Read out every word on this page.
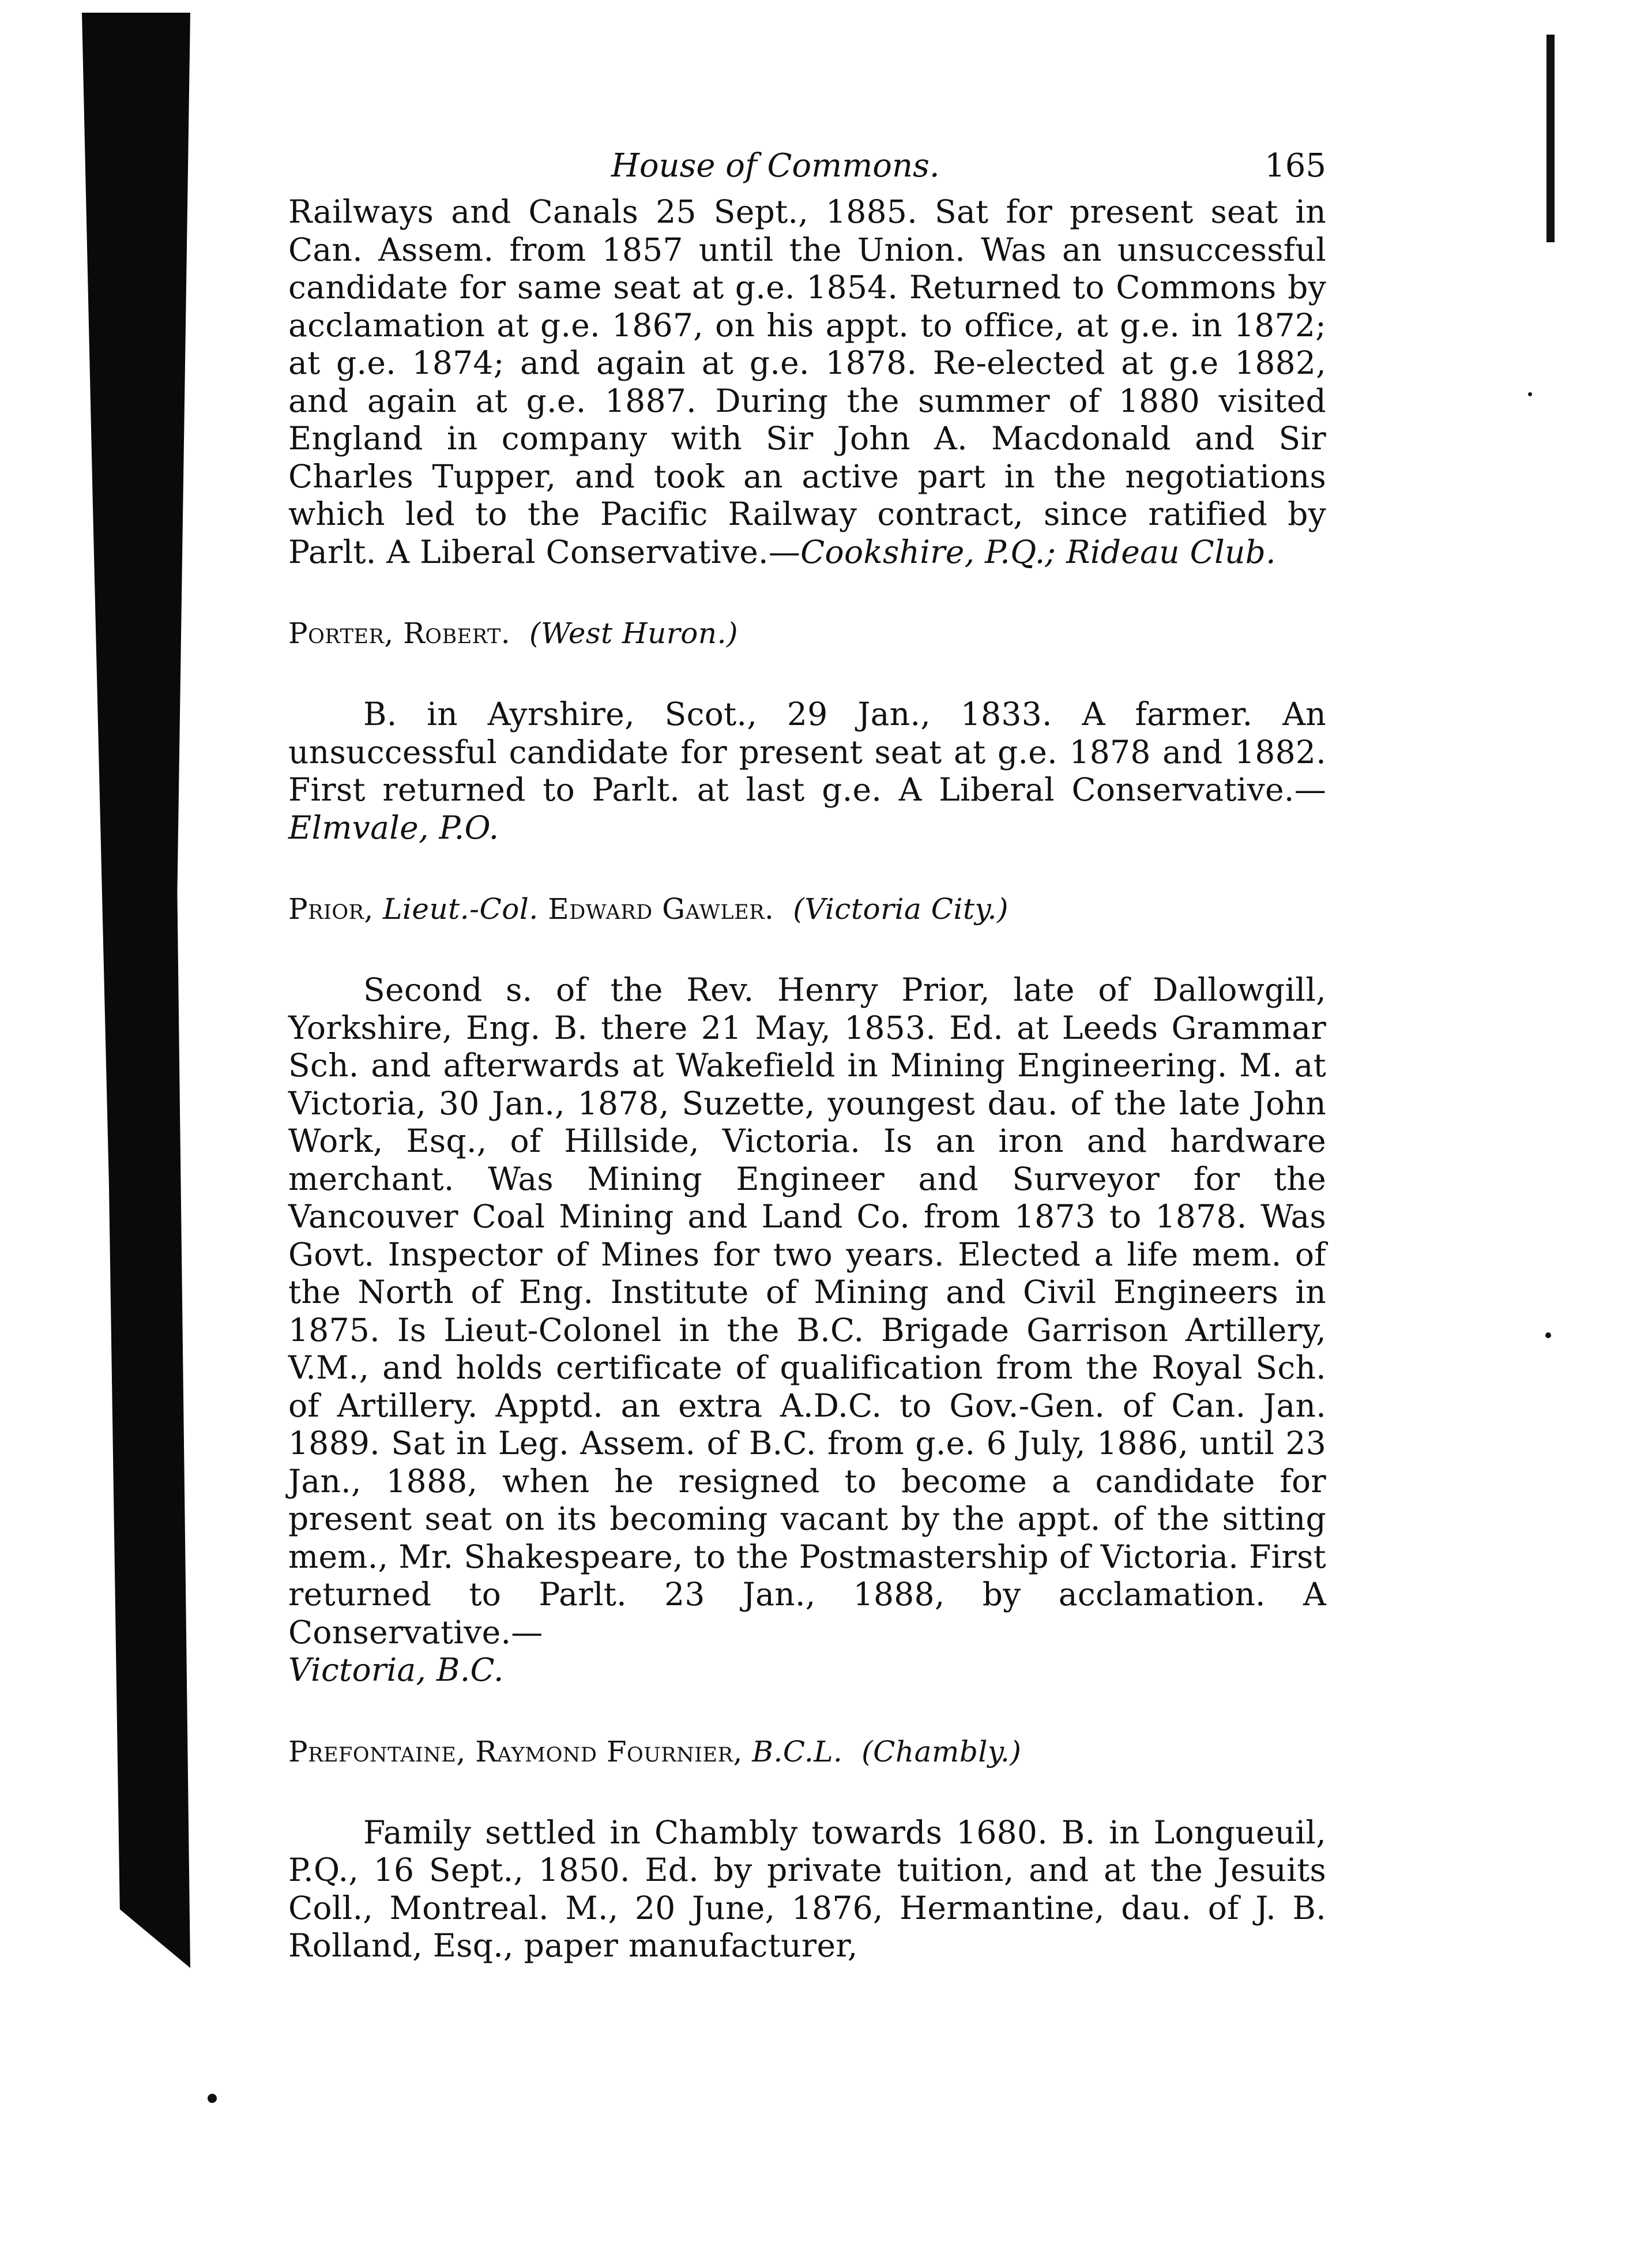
House of Commons.	165

Railways and Canals 25 Sept., 1885. Sat for present seat in Can. Assem. from 1857 until the Union. Was an unsuccessful candidate for same seat at g.e. 1854. Returned to Commons by acclamation at g.e. 1867, on his appt. to office, at g.e. in 1872; at g.e. 1874; and again at g.e. 1878. Re-elected at g.e 1882, and again at g.e. 1887. During the summer of 1880 visited England in company with Sir John A. Macdonald and Sir Charles Tupper, and took an active part in the negotiations which led to the Pacific Railway contract, since ratified by Parlt. A Liberal Conservative.—Cookshire, P.Q.; Rideau Club.

Porter, Robert. (West Huron.)

B. in Ayrshire, Scot., 29 Jan., 1833. A farmer. An unsuccessful candidate for present seat at g.e. 1878 and 1882. First returned to Parlt. at last g.e. A Liberal Conservative.—Elmvale, P.O.

Prior, Lieut.-Col. Edward Gawler. (Victoria City.)

Second s. of the Rev. Henry Prior, late of Dallowgill, Yorkshire, Eng. B. there 21 May, 1853. Ed. at Leeds Grammar Sch. and afterwards at Wakefield in Mining Engineering. M. at Victoria, 30 Jan., 1878, Suzette, youngest dau. of the late John Work, Esq., of Hillside, Victoria. Is an iron and hardware merchant. Was Mining Engineer and Surveyor for the Vancouver Coal Mining and Land Co. from 1873 to 1878. Was Govt. Inspector of Mines for two years. Elected a life mem. of the North of Eng. Institute of Mining and Civil Engineers in 1875. Is Lieut-Colonel in the B.C. Brigade Garrison Artillery, V.M., and holds certificate of qualification from the Royal Sch. of Artillery. Apptd. an extra A.D.C. to Gov.-Gen. of Can. Jan. 1889. Sat in Leg. Assem. of B.C. from g.e. 6 July, 1886, until 23 Jan., 1888, when he resigned to become a candidate for present seat on its becoming vacant by the appt. of the sitting mem., Mr. Shakespeare, to the Postmastership of Victoria. First returned to Parlt. 23 Jan., 1888, by acclamation. A Conservative.—
Victoria, B.C.

Prefontaine, Raymond Fournier, B.C.L. (Chambly.)

Family settled in Chambly towards 1680. B. in Longueuil, P.Q., 16 Sept., 1850. Ed. by private tuition, and at the Jesuits Coll., Montreal. M., 20 June, 1876, Hermantine, dau. of J. B. Rolland, Esq., paper manufacturer,
